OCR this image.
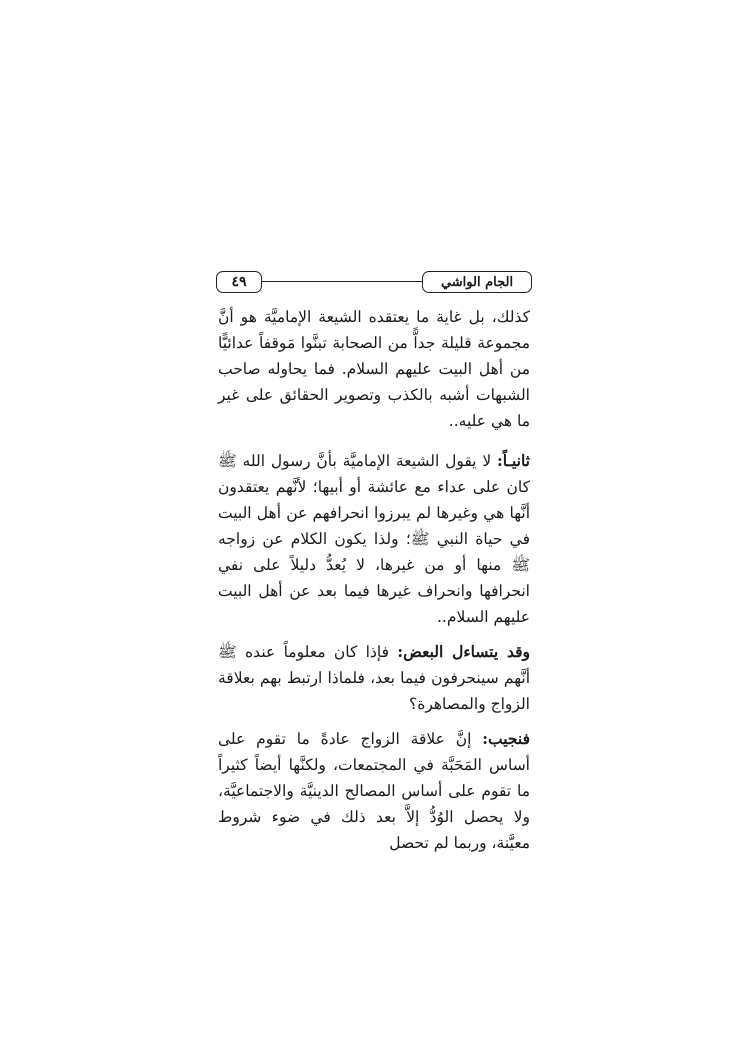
٤٩	الجام الواشي

كذلك، بل غاية ما يعتقده الشيعة الإماميَّة هو أنَّ مجموعة قليلة جداًّ من الصحابة تبنَّوا مَوقفاً عدائيًّا من أهل البيت عليهم السلام. فما يحاوله صاحب الشبهات أشبه بالكذب وتصوير الحقائق على غير ما هي عليه..

ثانيـاً: لا يقول الشيعة الإماميَّة بأنَّ رسول الله ﷺ كان على عداء مع عائشة أو أبيها؛ لأنَّهم يعتقدون أنَّها هي وغيرها لم يبرزوا انحرافهم عن أهل البيت في حياة النبي ﷺ؛ ولذا يكون الكلام عن زواجه ﷺ منها أو من غيرها، لا يُعدُّ دليلاً على نفي انحرافها وانحراف غيرها فيما بعد عن أهل البيت عليهم السلام..

وقد يتساءل البعض: فإذا كان معلوماً عنده ﷺ أنَّهم سينحرفون فيما بعد، فلماذا ارتبط بهم بعلاقة الزواج والمصاهرة؟

فنجيب: إنَّ علاقة الزواج عادةً ما تقوم على أساس المَحَبَّة في المجتمعات، ولكنَّها أيضاً كثيراً ما تقوم على أساس المصالح الدينيَّة والاجتماعيَّة، ولا يحصل الوُدُّ إلاَّ بعد ذلك في ضوء شروط معيَّنة، وربما لم تحصل
